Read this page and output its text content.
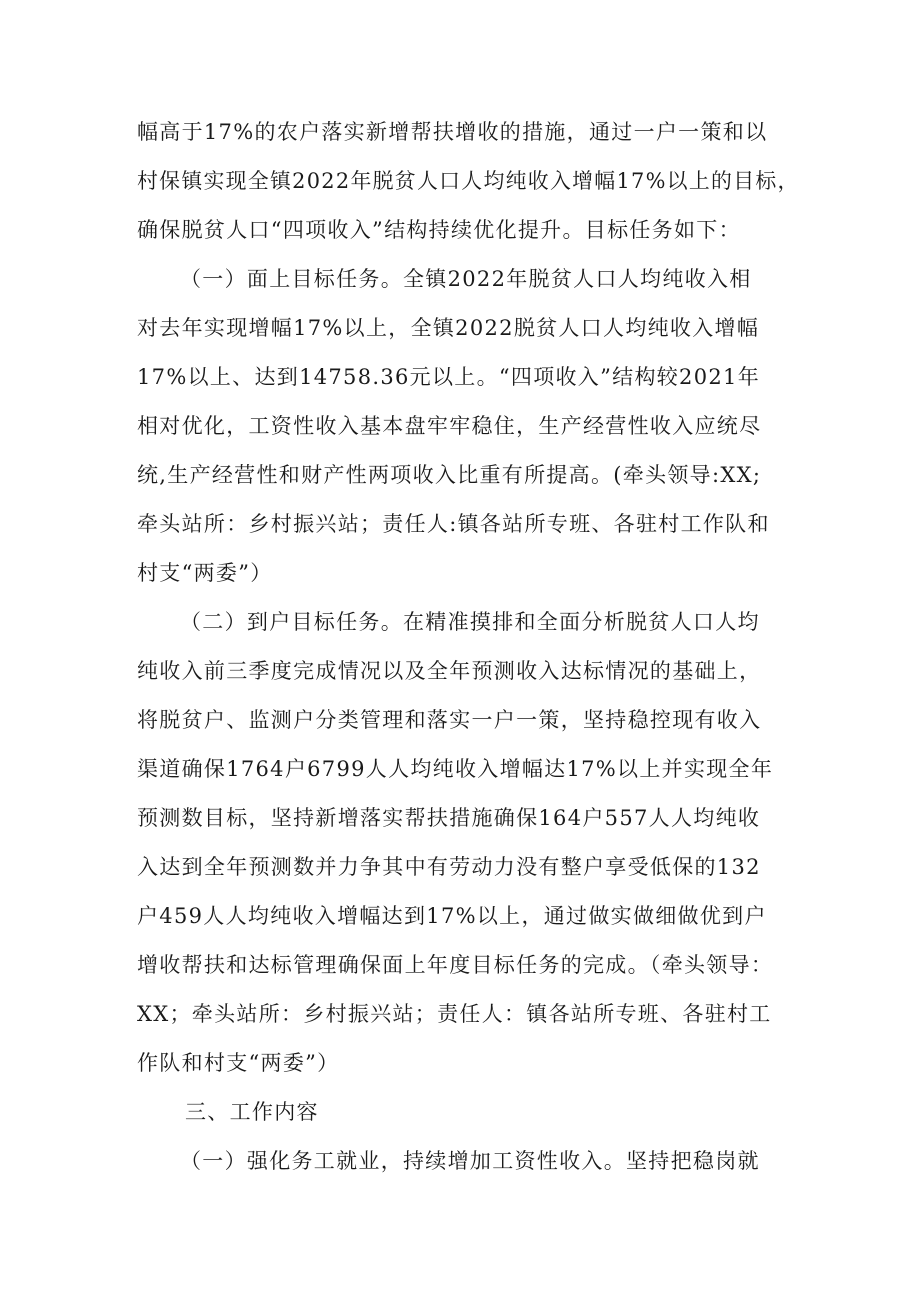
幅高于17%的农户落实新增帮扶增收的措施，通过一户一策和以
村保镇实现全镇2022年脱贫人口人均纯收入增幅17%以上的目标，
确保脱贫人口“四项收入”结构持续优化提升。目标任务如下：
（一）面上目标任务。全镇2022年脱贫人口人均纯收入相
对去年实现增幅17%以上，全镇2022脱贫人口人均纯收入增幅
17%以上、达到14758.36元以上。“四项收入”结构较2021年
相对优化，工资性收入基本盘牢牢稳住，生产经营性收入应统尽
统,生产经营性和财产性两项收入比重有所提高。(牵头领导:XX;
牵头站所：乡村振兴站；责任人:镇各站所专班、各驻村工作队和
村支“两委”）
（二）到户目标任务。在精准摸排和全面分析脱贫人口人均
纯收入前三季度完成情况以及全年预测收入达标情况的基础上，
将脱贫户、监测户分类管理和落实一户一策，坚持稳控现有收入
渠道确保1764户6799人人均纯收入增幅达17%以上并实现全年
预测数目标，坚持新增落实帮扶措施确保164户557人人均纯收
入达到全年预测数并力争其中有劳动力没有整户享受低保的132
户459人人均纯收入增幅达到17%以上，通过做实做细做优到户
增收帮扶和达标管理确保面上年度目标任务的完成。（牵头领导：
XX；牵头站所：乡村振兴站；责任人：镇各站所专班、各驻村工
作队和村支“两委”）
三、工作内容
（一）强化务工就业，持续增加工资性收入。坚持把稳岗就
